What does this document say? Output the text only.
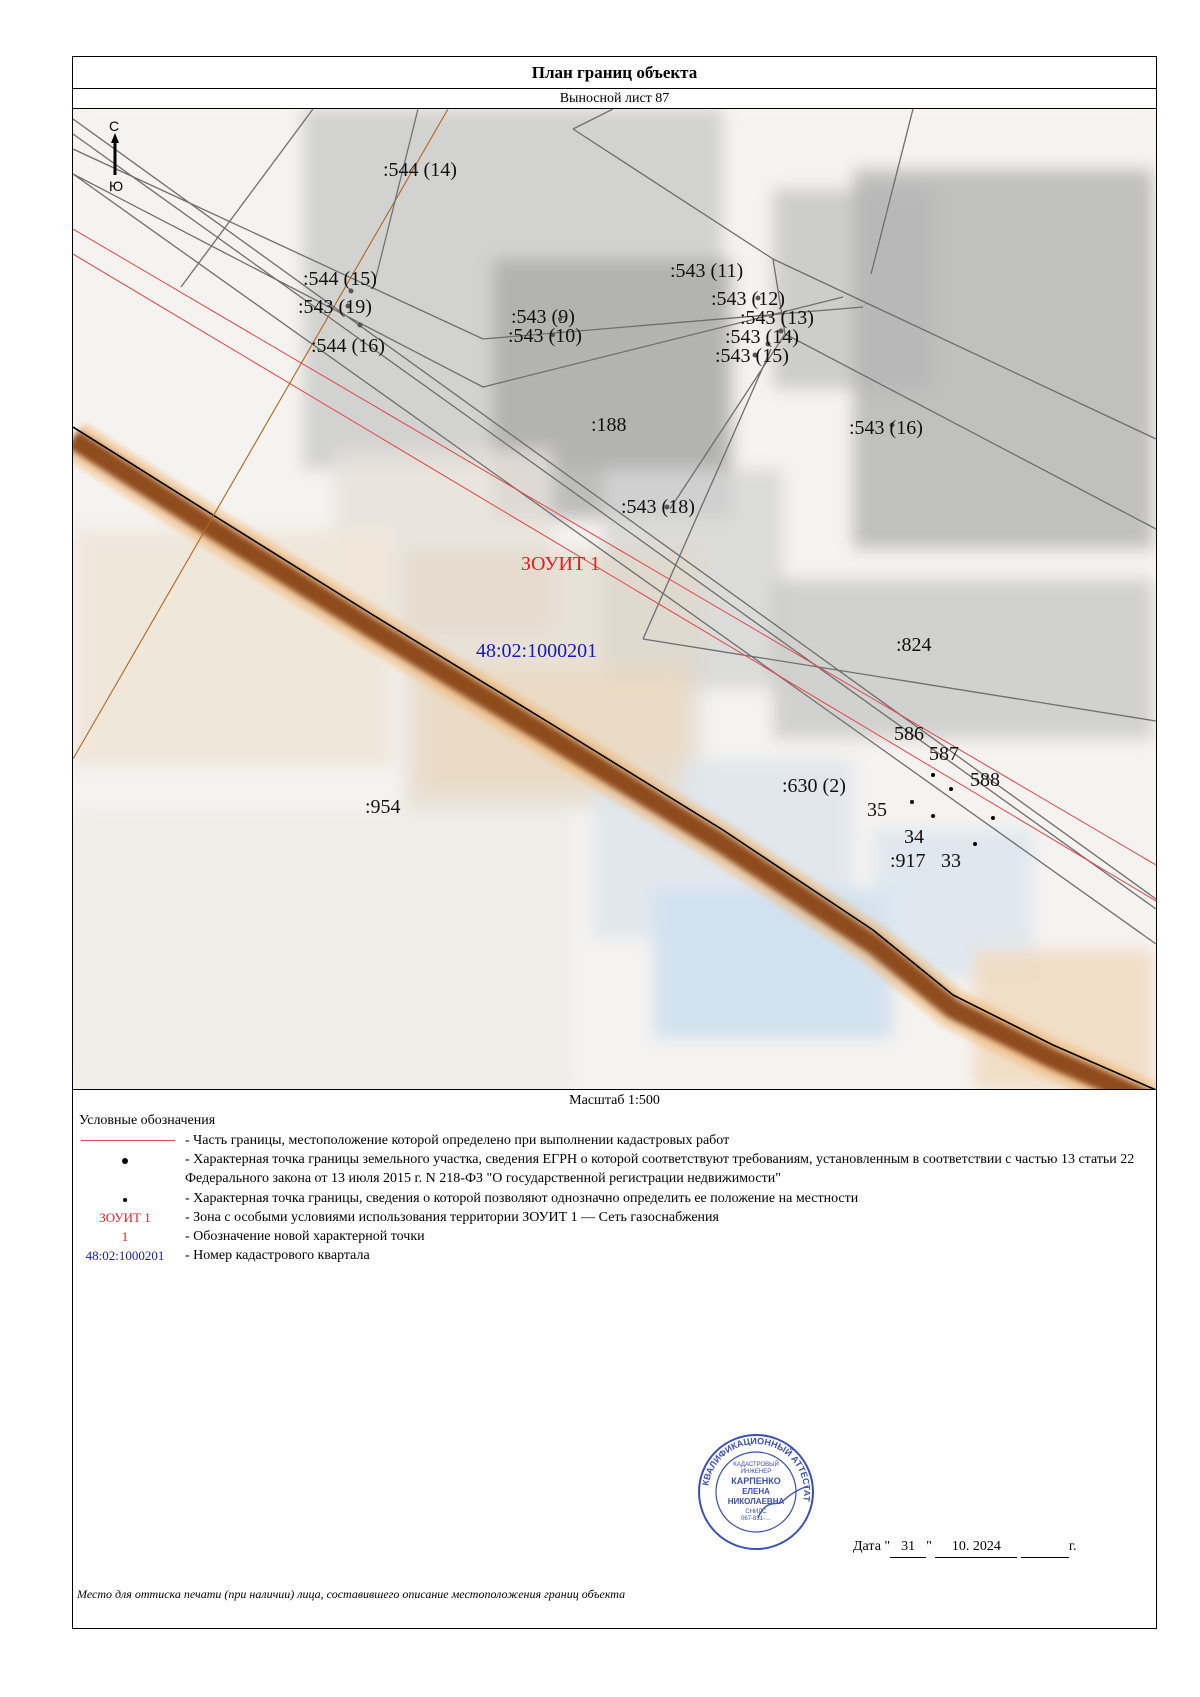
План границ объекта
Выносной лист 87
С
Ю
:544 (14)
:544 (15)
:543 (19)
:544 (16)
:543 (9)
:543 (10)
:543 (11)
:543 (12)
:543 (13)
:543 (14)
:543 (15)
:188	:543 (16)
:543 (18)
ЗОУИТ 1
48:02:1000201	:824
:954
:630 (2)
586
587
588
35
34
:917 33
Масштаб 1:500
Условные обозначения
- Часть границы, местоположение которой определено при выполнении кадастровых работ
- Характерная точка границы земельного участка, сведения ЕГРН о которой соответствуют требованиям, установленным в соответствии с частью 13 статьи 22 Федерального закона от 13 июля 2015 г. N 218-ФЗ "О государственной регистрации недвижимости"
- Характерная точка границы, сведения о которой позволяют однозначно определить ее положение на местности
ЗОУИТ 1	- Зона с особыми условиями использования территории ЗОУИТ 1 — Сеть газоснабжения
1	- Обозначение новой характерной точки
48:02:1000201	- Номер кадастрового квартала
КВАЛИФИКАЦИОННЫЙ АТТЕСТАТ
КАДАСТРОВЫЙ
ИНЖЕНЕР
КАРПЕНКО
ЕЛЕНА
НИКОЛАЕВНА
СНИЛС
067-831-…
Дата " 31 " 10. 2024	г.
Место для оттиска печати (при наличии) лица, составившего описание местоположения границ объекта
